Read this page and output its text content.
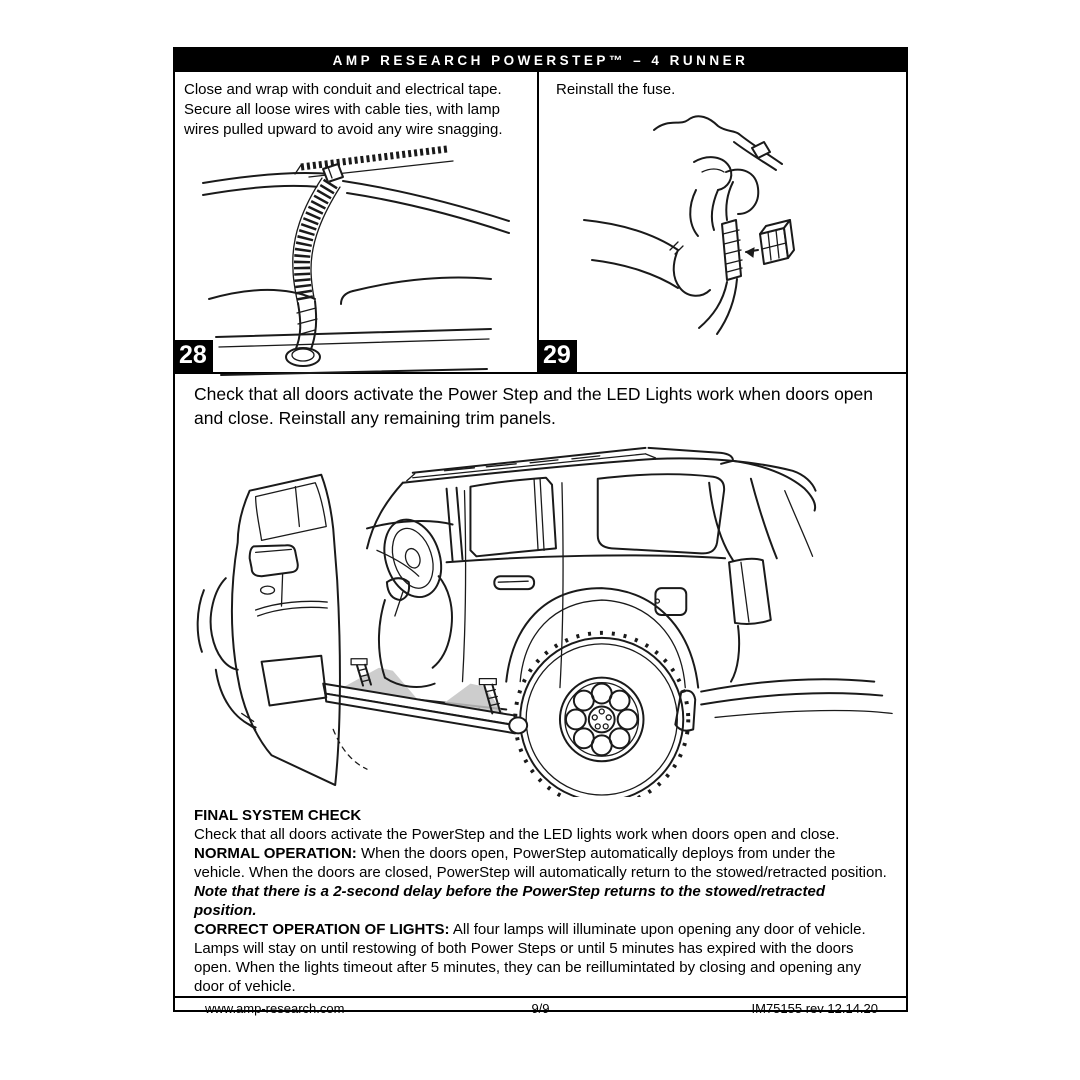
AMP RESEARCH POWERSTEP™ – 4 RUNNER
Close and wrap with conduit and electrical tape. Secure all loose wires with cable ties, with lamp wires pulled upward to avoid any wire snagging.
28
Reinstall the fuse.
29
Check that all doors activate the Power Step and the LED Lights work when doors open and close. Reinstall any remaining trim panels.
FINAL SYSTEM CHECK

Check that all doors activate the PowerStep and the LED lights work when doors open and close.

NORMAL OPERATION: When the doors open, PowerStep automatically deploys from under the vehicle. When the doors are closed, PowerStep will automatically return to the stowed/retracted position. Note that there is a 2-second delay before the PowerStep returns to the stowed/retracted position.

CORRECT OPERATION OF LIGHTS: All four lamps will illuminate upon opening any door of vehicle. Lamps will stay on until restowing of both Power Steps or until 5 minutes has expired with the doors open. When the lights timeout after 5 minutes, they can be reillumintated by closing and opening any door of vehicle.

www.amp-research.com	9/9	IM75155 rev 12.14.20
